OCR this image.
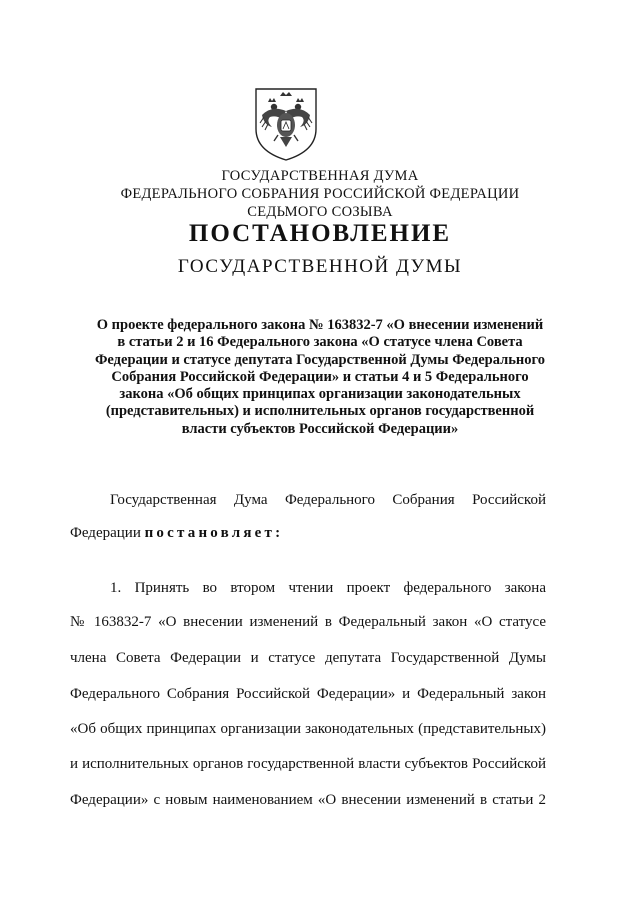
ГОСУДАРСТВЕННАЯ ДУМА
ФЕДЕРАЛЬНОГО СОБРАНИЯ РОССИЙСКОЙ ФЕДЕРАЦИИ
СЕДЬМОГО СОЗЫВА
ПОСТАНОВЛЕНИЕ
ГОСУДАРСТВЕННОЙ ДУМЫ
О проекте федерального закона № 163832-7 «О внесении изменений
в статьи 2 и 16 Федерального закона «О статусе члена Совета
Федерации и статусе депутата Государственной Думы Федерального
Собрания Российской Федерации» и статьи 4 и 5 Федерального
закона «Об общих принципах организации законодательных
(представительных) и исполнительных органов государственной
власти субъектов Российской Федерации»
Государственная Дума Федерального Собрания Российской
Федерации постановляет:
1. Принять во втором чтении проект федерального закона
№ 163832-7 «О внесении изменений в Федеральный закон «О статусе
члена Совета Федерации и статусе депутата Государственной Думы
Федерального Собрания Российской Федерации» и Федеральный закон
«Об общих принципах организации законодательных (представительных)
и исполнительных органов государственной власти субъектов Российской
Федерации» с новым наименованием «О внесении изменений в статьи 2
